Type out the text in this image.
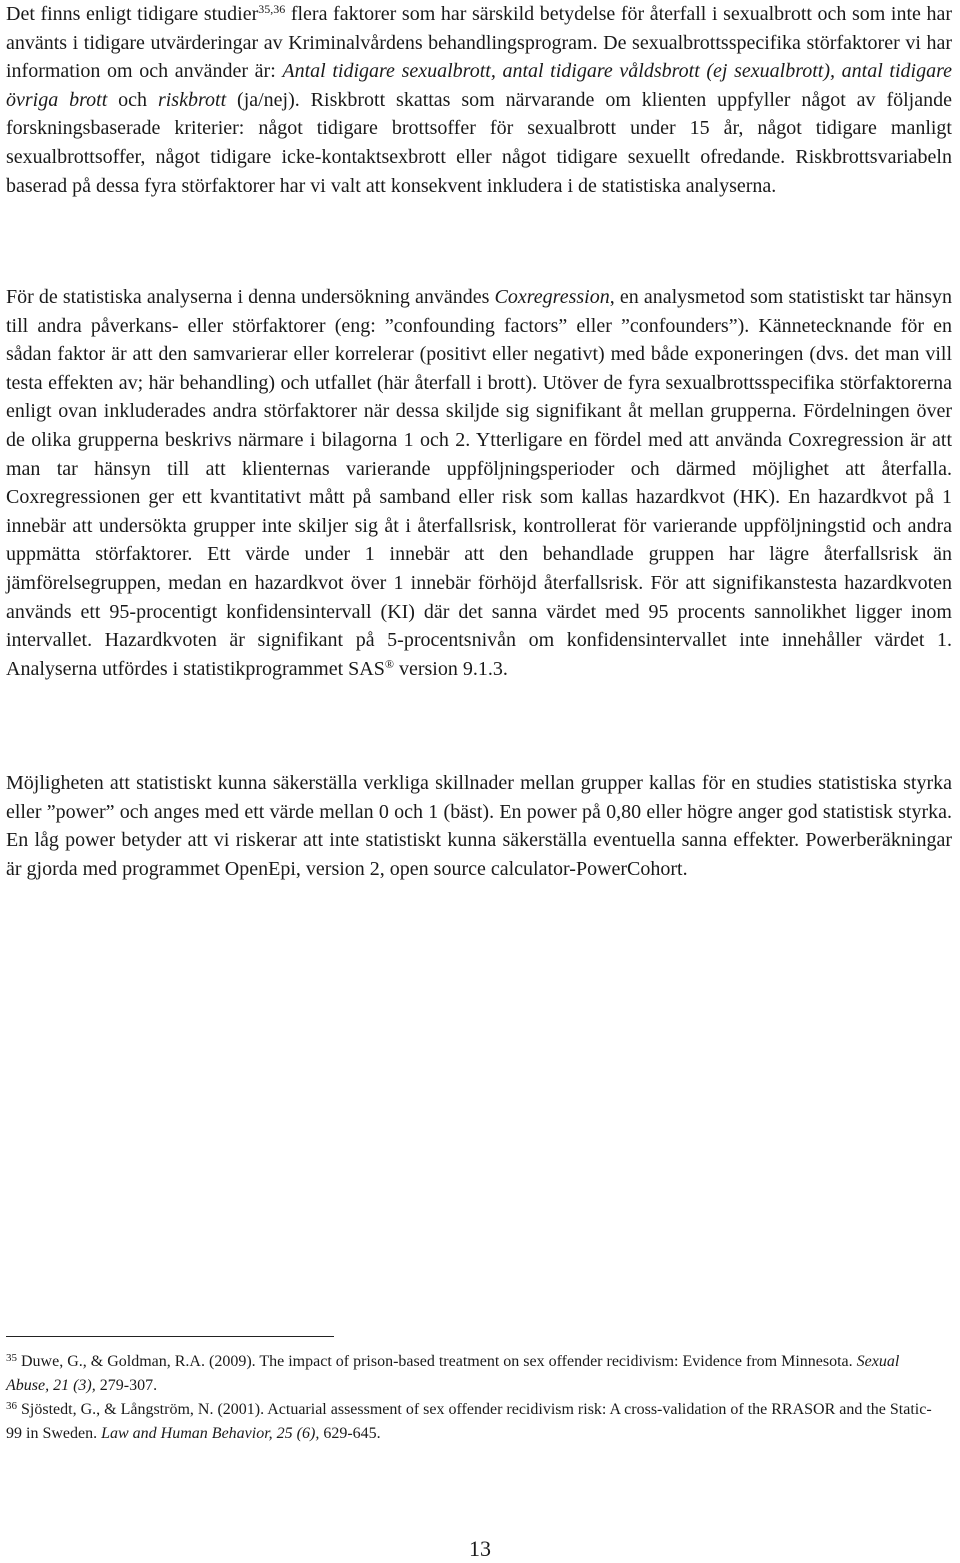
Det finns enligt tidigare studier$^{35,36}$ flera faktorer som har särskild betydelse för återfall i sexualbrott och som inte har använts i tidigare utvärderingar av Kriminalvårdens behandlingsprogram. De sexualbrottsspecifika störfaktorer vi har information om och använder är: Antal tidigare sexualbrott, antal tidigare våldsbrott (ej sexualbrott), antal tidigare övriga brott och riskbrott (ja/nej). Riskbrott skattas som närvarande om klienten uppfyller något av följande forskningsbaserade kriterier: något tidigare brottsoffer för sexualbrott under 15 år, något tidigare manligt sexualbrottsoffer, något tidigare icke-kontaktsexbrott eller något tidigare sexuellt ofredande. Riskbrottsvariabeln baserad på dessa fyra störfaktorer har vi valt att konsekvent inkludera i de statistiska analyserna.

För de statistiska analyserna i denna undersökning användes Coxregression, en analysmetod som statistiskt tar hänsyn till andra påverkans- eller störfaktorer (eng: ”confounding factors” eller ”confounders”). Kännetecknande för en sådan faktor är att den samvarierar eller korrelerar (positivt eller negativt) med både exponeringen (dvs. det man vill testa effekten av; här behandling) och utfallet (här återfall i brott). Utöver de fyra sexualbrottsspecifika störfaktorerna enligt ovan inkluderades andra störfaktorer när dessa skiljde sig signifikant åt mellan grupperna. Fördelningen över de olika grupperna beskrivs närmare i bilagorna 1 och 2. Ytterligare en fördel med att använda Coxregression är att man tar hänsyn till att klienternas varierande uppföljningsperioder och därmed möjlighet att återfalla. Coxregressionen ger ett kvantitativt mått på samband eller risk som kallas hazardkvot (HK). En hazardkvot på 1 innebär att undersökta grupper inte skiljer sig åt i återfallsrisk, kontrollerat för varierande uppföljningstid och andra uppmätta störfaktorer. Ett värde under 1 innebär att den behandlade gruppen har lägre återfallsrisk än jämförelsegruppen, medan en hazardkvot över 1 innebär förhöjd återfallsrisk. För att signifikanstesta hazardkvoten används ett 95-procentigt konfidensintervall (KI) där det sanna värdet med 95 procents sannolikhet ligger inom intervallet. Hazardkvoten är signifikant på 5-procentsnivån om konfidensintervallet inte innehåller värdet 1. Analyserna utfördes i statistikprogrammet SAS® version 9.1.3.

Möjligheten att statistiskt kunna säkerställa verkliga skillnader mellan grupper kallas för en studies statistiska styrka eller ”power” och anges med ett värde mellan 0 och 1 (bäst). En power på 0,80 eller högre anger god statistisk styrka. En låg power betyder att vi riskerar att inte statistiskt kunna säkerställa eventuella sanna effekter. Powerberäkningar är gjorda med programmet OpenEpi, version 2, open source calculator-PowerCohort.

$^{35}$ Duwe, G., & Goldman, R.A. (2009). The impact of prison-based treatment on sex offender recidivism: Evidence from Minnesota. Sexual Abuse, 21 (3), 279-307.
$^{36}$ Sjöstedt, G., & Långström, N. (2001). Actuarial assessment of sex offender recidivism risk: A cross-validation of the RRASOR and the Static-99 in Sweden. Law and Human Behavior, 25 (6), 629-645.
13
